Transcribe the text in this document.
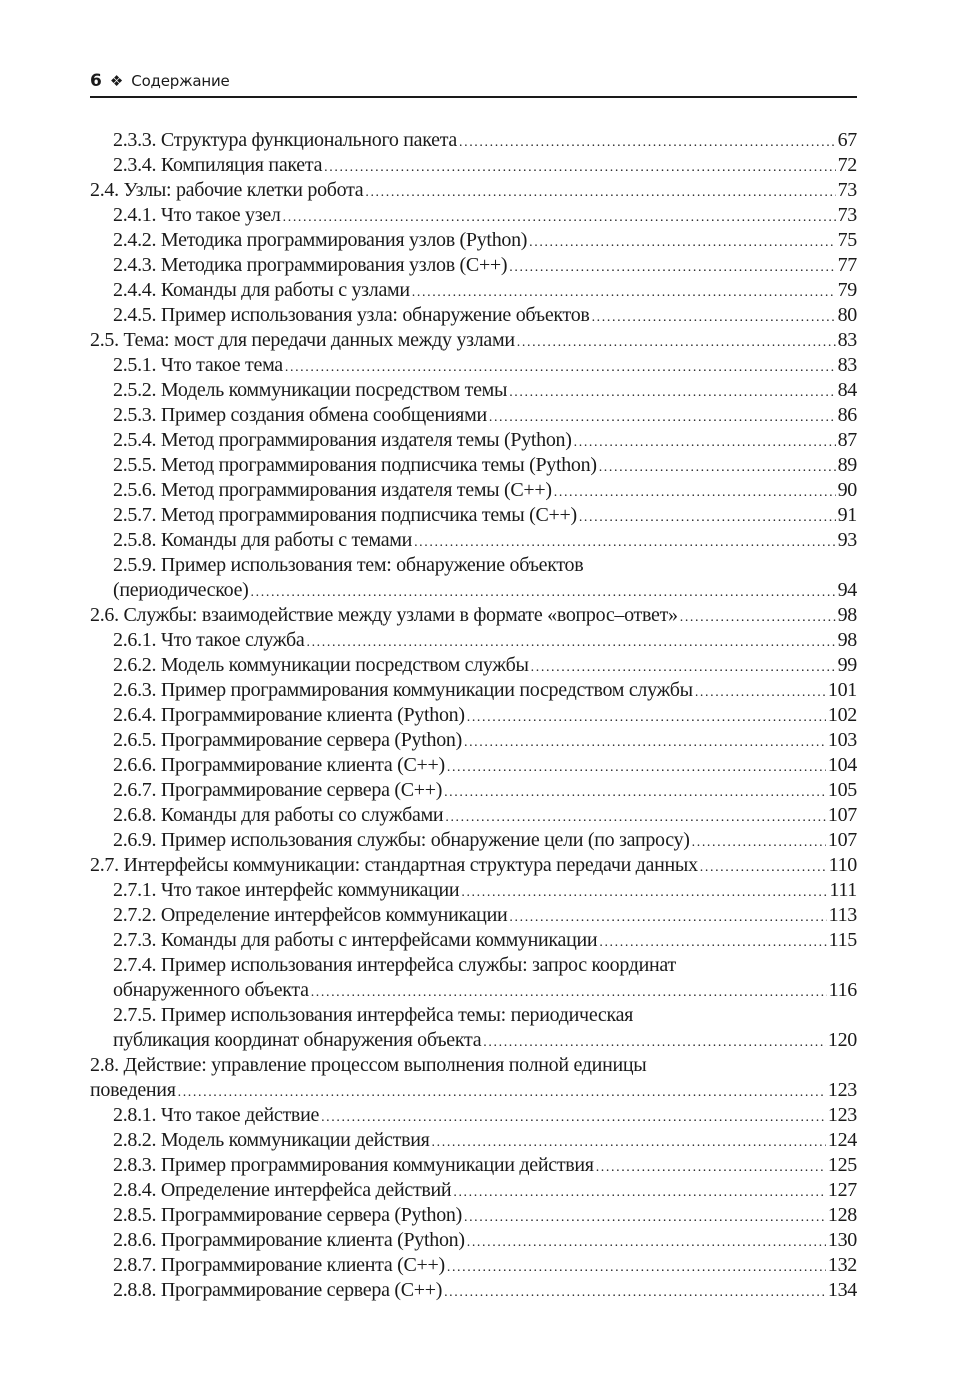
6 ❖ Содержание
2.3.3. Структура функционального пакета .....	67
2.3.4. Компиляция пакета .....	72
2.4. Узлы: рабочие клетки робота .....	73
2.4.1. Что такое узел .....	73
2.4.2. Методика программирования узлов (Python) .....	75
2.4.3. Методика программирования узлов (C++) .....	77
2.4.4. Команды для работы с узлами .....	79
2.4.5. Пример использования узла: обнаружение объектов .....	80
2.5. Тема: мост для передачи данных между узлами .....	83
2.5.1. Что такое тема .....	83
2.5.2. Модель коммуникации посредством темы .....	84
2.5.3. Пример создания обмена сообщениями .....	86
2.5.4. Метод программирования издателя темы (Python) .....	87
2.5.5. Метод программирования подписчика темы (Python) .....	89
2.5.6. Метод программирования издателя темы (C++) .....	90
2.5.7. Метод программирования подписчика темы (C++) .....	91
2.5.8. Команды для работы с темами .....	93
2.5.9. Пример использования тем: обнаружение объектов
(периодическое) .....	94
2.6. Службы: взаимодействие между узлами в формате «вопрос–ответ» .....	98
2.6.1. Что такое служба .....	98
2.6.2. Модель коммуникации посредством службы .....	99
2.6.3. Пример программирования коммуникации посредством службы .....	101
2.6.4. Программирование клиента (Python) .....	102
2.6.5. Программирование сервера (Python) .....	103
2.6.6. Программирование клиента (C++) .....	104
2.6.7. Программирование сервера (C++) .....	105
2.6.8. Команды для работы со службами .....	107
2.6.9. Пример использования службы: обнаружение цели (по запросу) .....	107
2.7. Интерфейсы коммуникации: стандартная структура передачи данных .....	110
2.7.1. Что такое интерфейс коммуникации .....	111
2.7.2. Определение интерфейсов коммуникации .....	113
2.7.3. Команды для работы с интерфейсами коммуникации .....	115
2.7.4. Пример использования интерфейса службы: запрос координат
обнаруженного объекта .....	116
2.7.5. Пример использования интерфейса темы: периодическая
публикация координат обнаружения объекта .....	120
2.8. Действие: управление процессом выполнения полной единицы
поведения .....	123
2.8.1. Что такое действие .....	123
2.8.2. Модель коммуникации действия .....	124
2.8.3. Пример программирования коммуникации действия .....	125
2.8.4. Определение интерфейса действий .....	127
2.8.5. Программирование сервера (Python) .....	128
2.8.6. Программирование клиента (Python) .....	130
2.8.7. Программирование клиента (C++) .....	132
2.8.8. Программирование сервера (C++) .....	134
